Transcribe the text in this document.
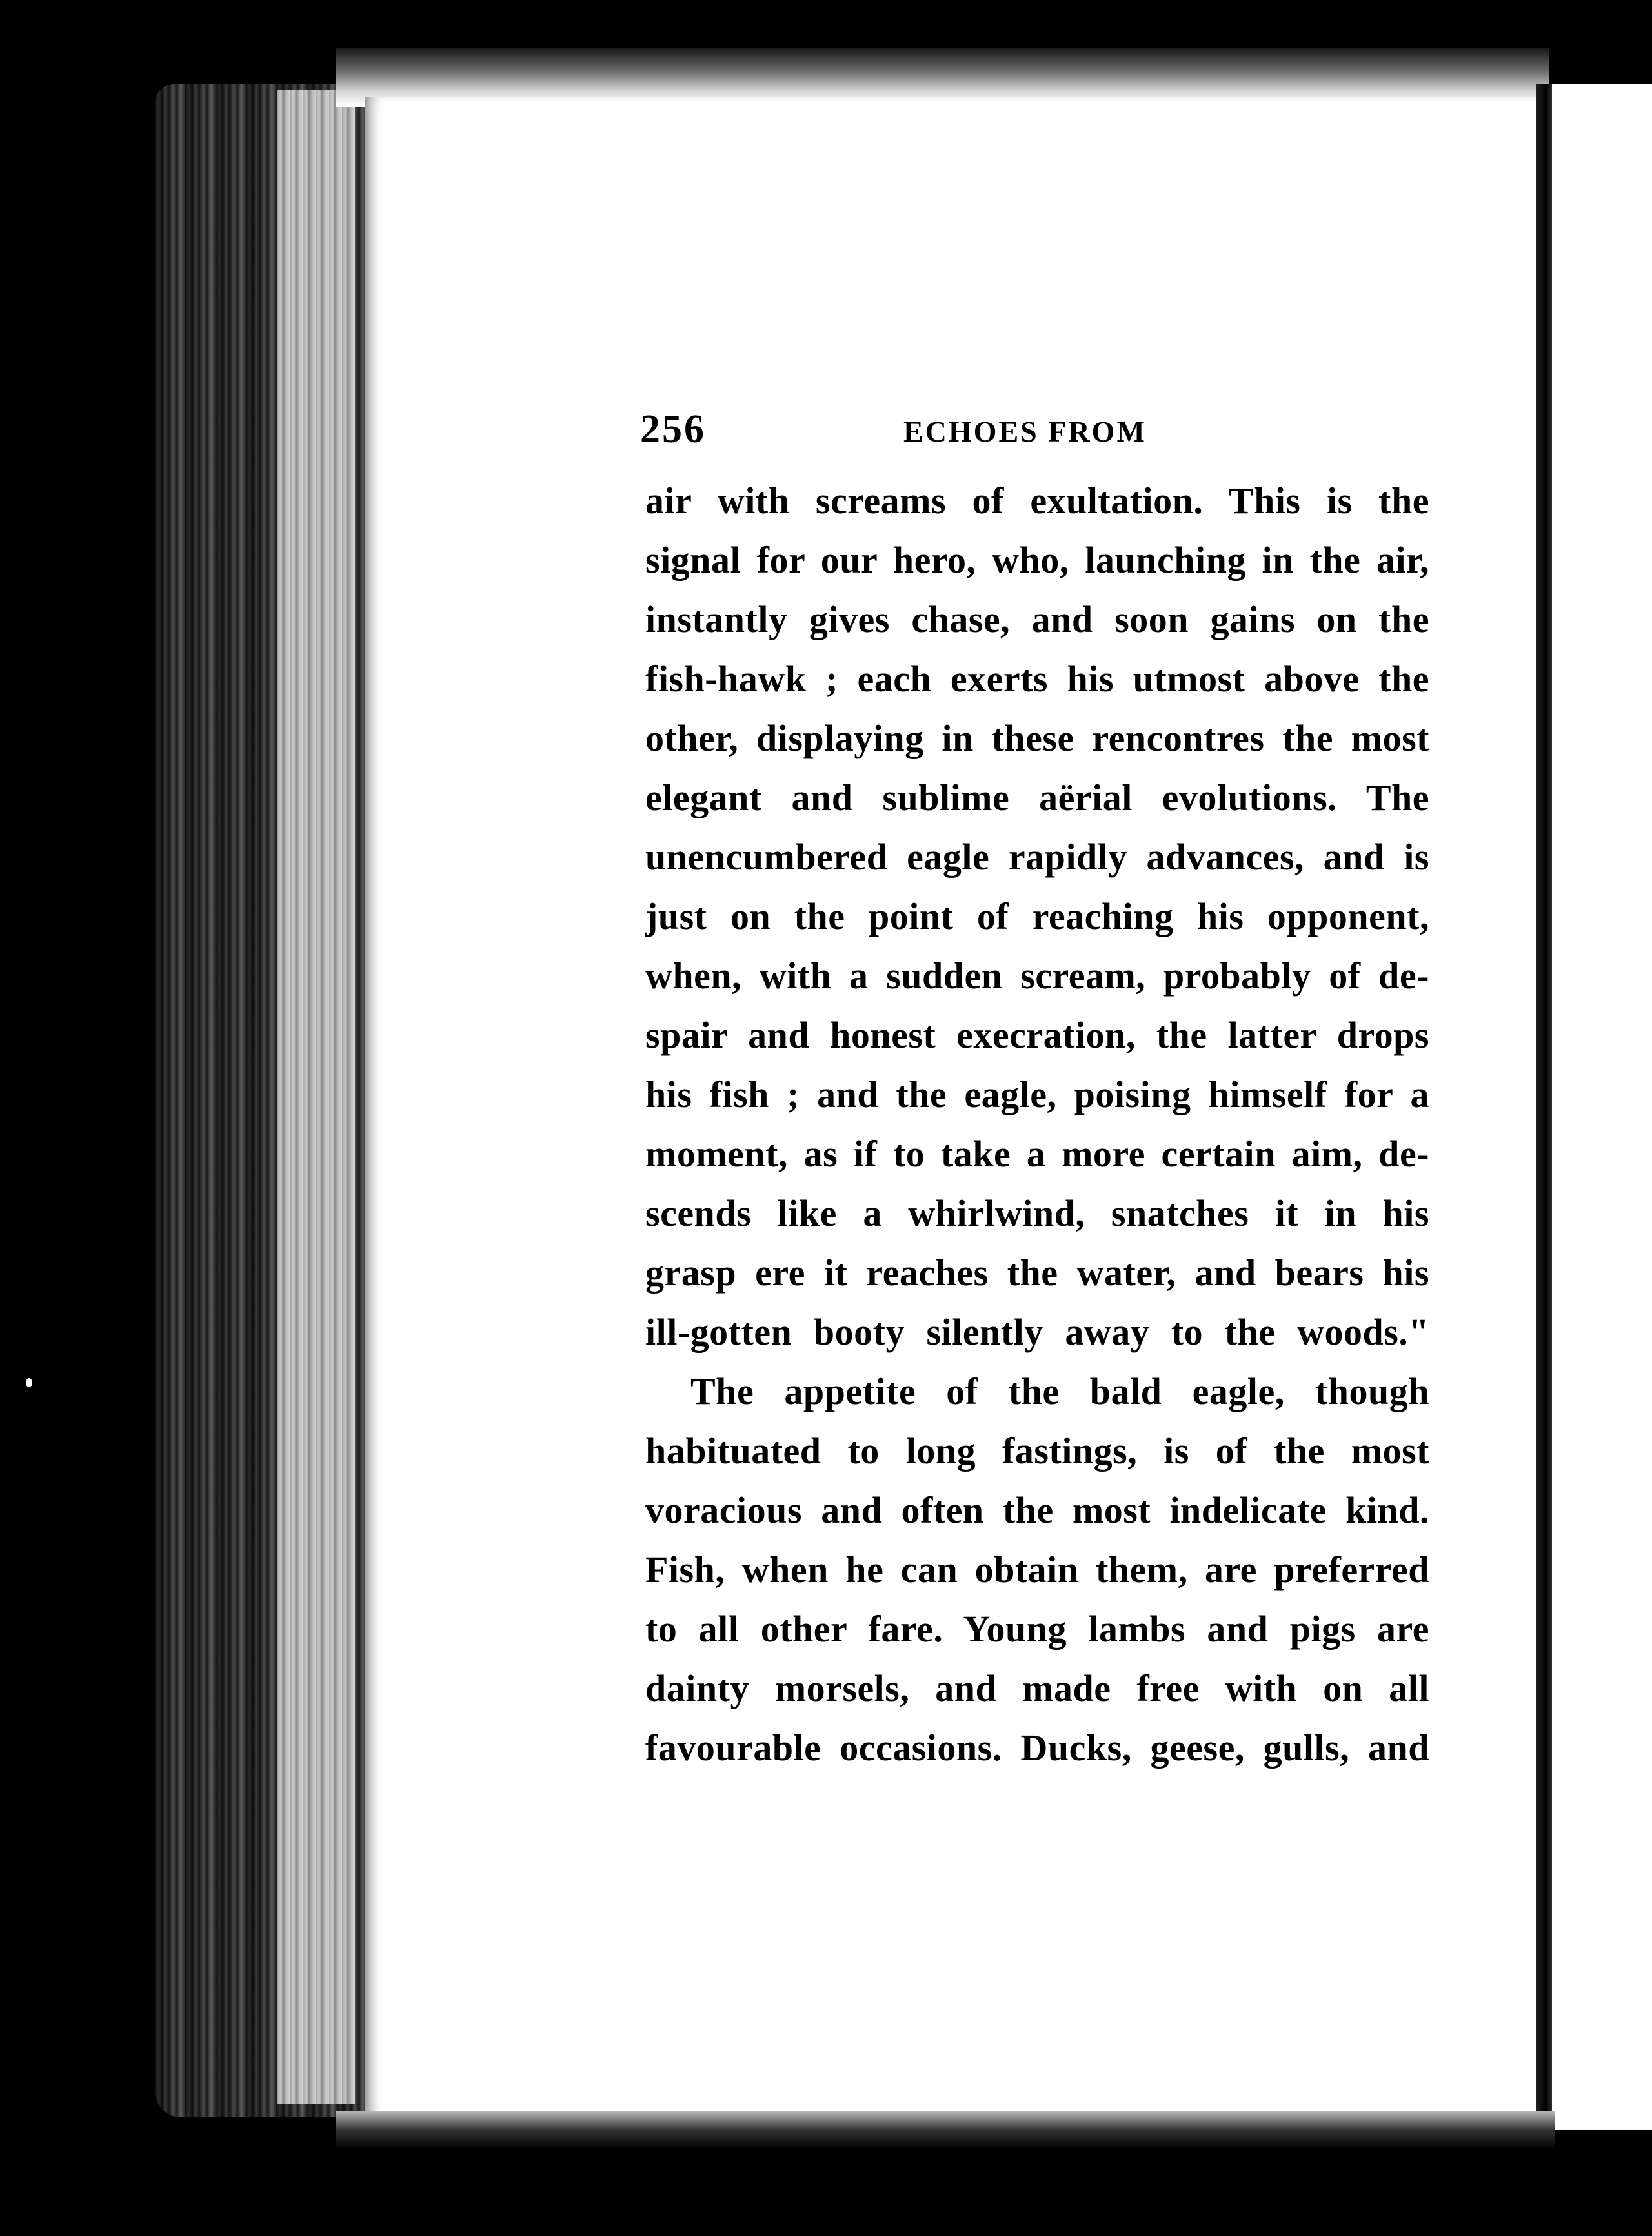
256	ECHOES FROM
air with screams of exultation. This is the
signal for our hero, who, launching in the air,
instantly gives chase, and soon gains on the
fish-hawk ; each exerts his utmost above the
other, displaying in these rencontres the most
elegant and sublime aërial evolutions. The
unencumbered eagle rapidly advances, and is
just on the point of reaching his opponent,
when, with a sudden scream, probably of de-
spair and honest execration, the latter drops
his fish ; and the eagle, poising himself for a
moment, as if to take a more certain aim, de-
scends like a whirlwind, snatches it in his
grasp ere it reaches the water, and bears his
ill-gotten booty silently away to the woods."
The appetite of the bald eagle, though
habituated to long fastings, is of the most
voracious and often the most indelicate kind.
Fish, when he can obtain them, are preferred
to all other fare. Young lambs and pigs are
dainty morsels, and made free with on all
favourable occasions. Ducks, geese, gulls, and
